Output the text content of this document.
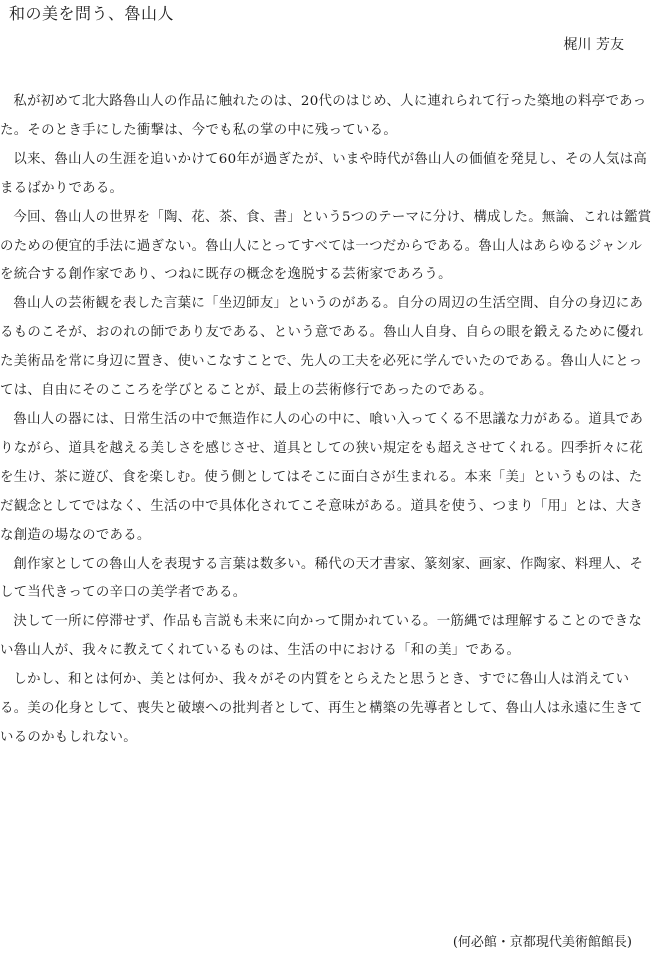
和の美を問う、魯山人
梶川 芳友

私が初めて北大路魯山人の作品に触れたのは、20代のはじめ、人に連れられて行った築地の料亭であった。そのとき手にした衝撃は、今でも私の掌の中に残っている。

以来、魯山人の生涯を追いかけて60年が過ぎたが、いまや時代が魯山人の価値を発見し、その人気は高まるばかりである。

今回、魯山人の世界を「陶、花、茶、食、書」という5つのテーマに分け、構成した。無論、これは鑑賞のための便宜的手法に過ぎない。魯山人にとってすべては一つだからである。魯山人はあらゆるジャンルを統合する創作家であり、つねに既存の概念を逸脱する芸術家であろう。

魯山人の芸術観を表した言葉に「坐辺師友」というのがある。自分の周辺の生活空間、自分の身辺にあるものこそが、おのれの師であり友である、という意である。魯山人自身、自らの眼を鍛えるために優れた美術品を常に身辺に置き、使いこなすことで、先人の工夫を必死に学んでいたのである。魯山人にとっては、自由にそのこころを学びとることが、最上の芸術修行であったのである。

魯山人の器には、日常生活の中で無造作に人の心の中に、喰い入ってくる不思議な力がある。道具でありながら、道具を越える美しさを感じさせ、道具としての狭い規定をも超えさせてくれる。四季折々に花を生け、茶に遊び、食を楽しむ。使う側としてはそこに面白さが生まれる。本来「美」というものは、ただ観念としてではなく、生活の中で具体化されてこそ意味がある。道具を使う、つまり「用」とは、大きな創造の場なのである。

創作家としての魯山人を表現する言葉は数多い。稀代の天才書家、篆刻家、画家、作陶家、料理人、そして当代きっての辛口の美学者である。

決して一所に停滞せず、作品も言説も未来に向かって開かれている。一筋縄では理解することのできない魯山人が、我々に教えてくれているものは、生活の中における「和の美」である。

しかし、和とは何か、美とは何か、我々がその内質をとらえたと思うとき、すでに魯山人は消えている。美の化身として、喪失と破壊への批判者として、再生と構築の先導者として、魯山人は永遠に生きているのかもしれない。

(何必館・京都現代美術館館長)
